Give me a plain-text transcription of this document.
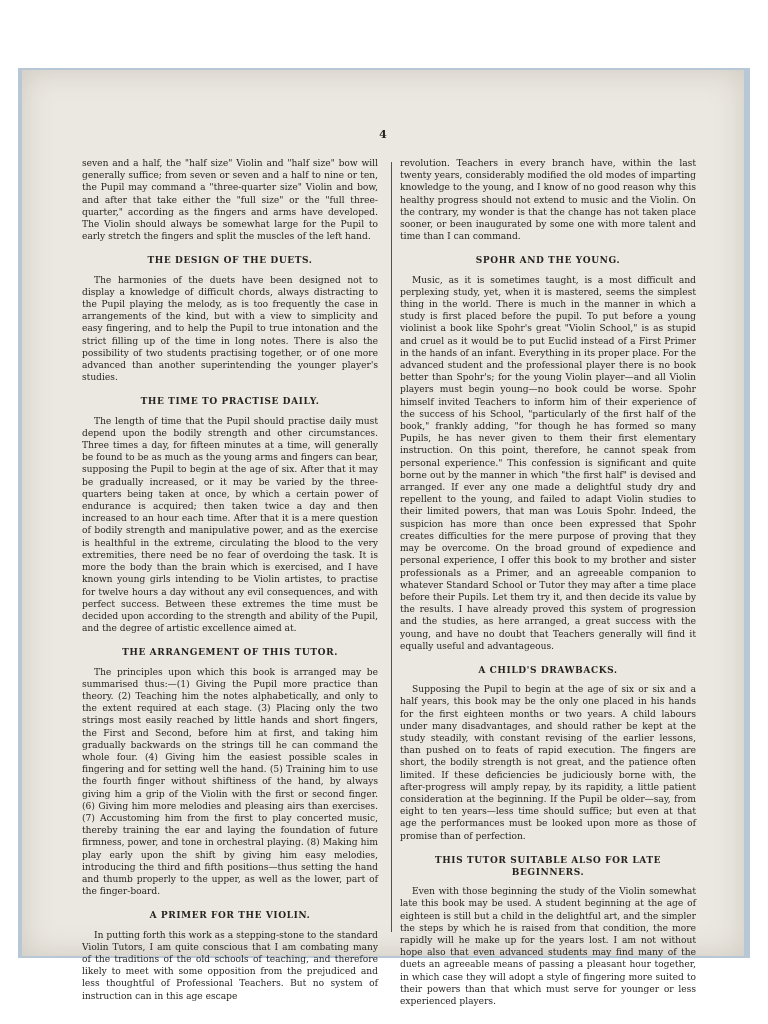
4

seven and a half, the "half size" Violin and "half size" bow will generally suffice; from seven or seven and a half to nine or ten, the Pupil may command a "three-quarter size" Violin and bow, and after that take either the "full size" or the "full three-quarter," according as the fingers and arms have developed. The Violin should always be somewhat large for the Pupil to early stretch the fingers and split the muscles of the left hand.

THE DESIGN OF THE DUETS.

The harmonies of the duets have been designed not to display a knowledge of difficult chords, always distracting to the Pupil playing the melody, as is too frequently the case in arrangements of the kind, but with a view to simplicity and easy fingering, and to help the Pupil to true intonation and the strict filling up of the time in long notes. There is also the possibility of two students practising together, or of one more advanced than another superintending the younger player's studies.

THE TIME TO PRACTISE DAILY.

The length of time that the Pupil should practise daily must depend upon the bodily strength and other circumstances. Three times a day, for fifteen minutes at a time, will generally be found to be as much as the young arms and fingers can bear, supposing the Pupil to begin at the age of six. After that it may be gradually increased, or it may be varied by the three-quarters being taken at once, by which a certain power of endurance is acquired; then taken twice a day and then increased to an hour each time. After that it is a mere question of bodily strength and manipulative power, and as the exercise is healthful in the extreme, circulating the blood to the very extremities, there need be no fear of overdoing the task. It is more the body than the brain which is exercised, and I have known young girls intending to be Violin artistes, to practise for twelve hours a day without any evil consequences, and with perfect success. Between these extremes the time must be decided upon according to the strength and ability of the Pupil, and the degree of artistic excellence aimed at.

THE ARRANGEMENT OF THIS TUTOR.

The principles upon which this book is arranged may be summarised thus:—(1) Giving the Pupil more practice than theory. (2) Teaching him the notes alphabetically, and only to the extent required at each stage. (3) Placing only the two strings most easily reached by little hands and short fingers, the First and Second, before him at first, and taking him gradually backwards on the strings till he can command the whole four. (4) Giving him the easiest possible scales in fingering and for setting well the hand. (5) Training him to use the fourth finger without shiftiness of the hand, by always giving him a grip of the Violin with the first or second finger. (6) Giving him more melodies and pleasing airs than exercises. (7) Accustoming him from the first to play concerted music, thereby training the ear and laying the foundation of future firmness, power, and tone in orchestral playing. (8) Making him play early upon the shift by giving him easy melodies, introducing the third and fifth positions—thus setting the hand and thumb properly to the upper, as well as the lower, part of the finger-board.

A PRIMER FOR THE VIOLIN.

In putting forth this work as a stepping-stone to the standard Violin Tutors, I am quite conscious that I am combating many of the traditions of the old schools of teaching, and therefore likely to meet with some opposition from the prejudiced and less thoughtful of Professional Teachers. But no system of instruction can in this age escape

revolution. Teachers in every branch have, within the last twenty years, considerably modified the old modes of imparting knowledge to the young, and I know of no good reason why this healthy progress should not extend to music and the Violin. On the contrary, my wonder is that the change has not taken place sooner, or been inaugurated by some one with more talent and time than I can command.

SPOHR AND THE YOUNG.

Music, as it is sometimes taught, is a most difficult and perplexing study, yet, when it is mastered, seems the simplest thing in the world. There is much in the manner in which a study is first placed before the pupil. To put before a young violinist a book like Spohr's great "Violin School," is as stupid and cruel as it would be to put Euclid instead of a First Primer in the hands of an infant. Everything in its proper place. For the advanced student and the professional player there is no book better than Spohr's; for the young Violin player—and all Violin players must begin young—no book could be worse. Spohr himself invited Teachers to inform him of their experience of the success of his School, "particularly of the first half of the book," frankly adding, "for though he has formed so many Pupils, he has never given to them their first elementary instruction. On this point, therefore, he cannot speak from personal experience." This confession is significant and quite borne out by the manner in which "the first half" is devised and arranged. If ever any one made a delightful study dry and repellent to the young, and failed to adapt Violin studies to their limited powers, that man was Louis Spohr. Indeed, the suspicion has more than once been expressed that Spohr creates difficulties for the mere purpose of proving that they may be overcome. On the broad ground of expedience and personal experience, I offer this book to my brother and sister professionals as a Primer, and an agreeable companion to whatever Standard School or Tutor they may after a time place before their Pupils. Let them try it, and then decide its value by the results. I have already proved this system of progression and the studies, as here arranged, a great success with the young, and have no doubt that Teachers generally will find it equally useful and advantageous.

A CHILD'S DRAWBACKS.

Supposing the Pupil to begin at the age of six or six and a half years, this book may be the only one placed in his hands for the first eighteen months or two years. A child labours under many disadvantages, and should rather be kept at the study steadily, with constant revising of the earlier lessons, than pushed on to feats of rapid execution. The fingers are short, the bodily strength is not great, and the patience often limited. If these deficiencies be judiciously borne with, the after-progress will amply repay, by its rapidity, a little patient consideration at the beginning. If the Pupil be older—say, from eight to ten years—less time should suffice; but even at that age the performances must be looked upon more as those of promise than of perfection.

THIS TUTOR SUITABLE ALSO FOR LATE BEGINNERS.

Even with those beginning the study of the Violin somewhat late this book may be used. A student beginning at the age of eighteen is still but a child in the delightful art, and the simpler the steps by which he is raised from that condition, the more rapidly will he make up for the years lost. I am not without hope also that even advanced students may find many of the duets an agreeable means of passing a pleasant hour together, in which case they will adopt a style of fingering more suited to their powers than that which must serve for younger or less experienced players.
